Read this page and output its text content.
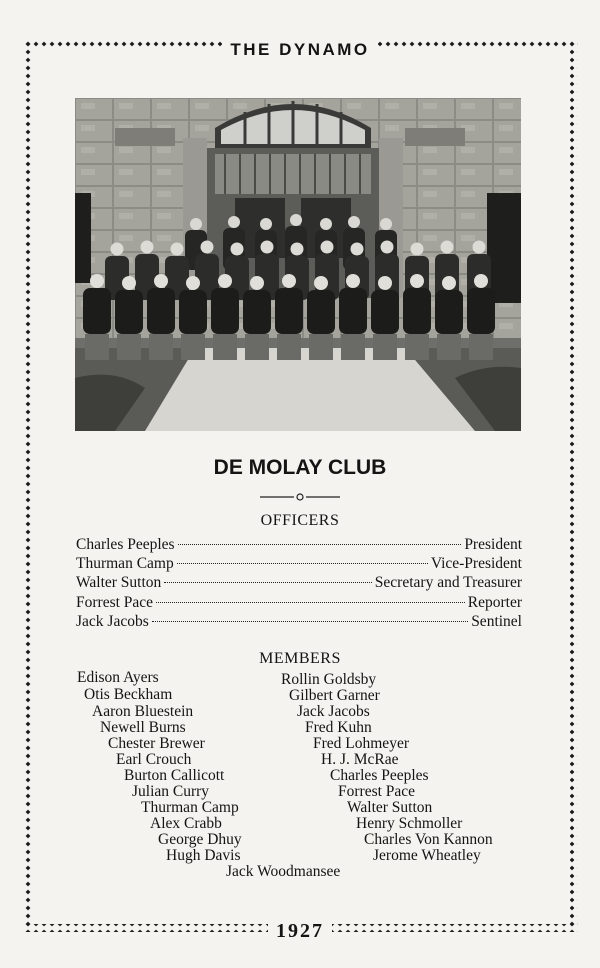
THE DYNAMO
DE MOLAY CLUB
OFFICERS
Charles Peeples	President
Thurman Camp	Vice-President
Walter Sutton	Secretary and Treasurer
Forrest Pace	Reporter
Jack Jacobs	Sentinel
MEMBERS
Edison Ayers
Otis Beckham
Aaron Bluestein
Newell Burns
Chester Brewer
Earl Crouch
Burton Callicott
Julian Curry
Thurman Camp
Alex Crabb
George Dhuy
Hugh Davis
Rollin Goldsby
Gilbert Garner
Jack Jacobs
Fred Kuhn
Fred Lohmeyer
H. J. McRae
Charles Peeples
Forrest Pace
Walter Sutton
Henry Schmoller
Charles Von Kannon
Jerome Wheatley
Jack Woodmansee
1927
